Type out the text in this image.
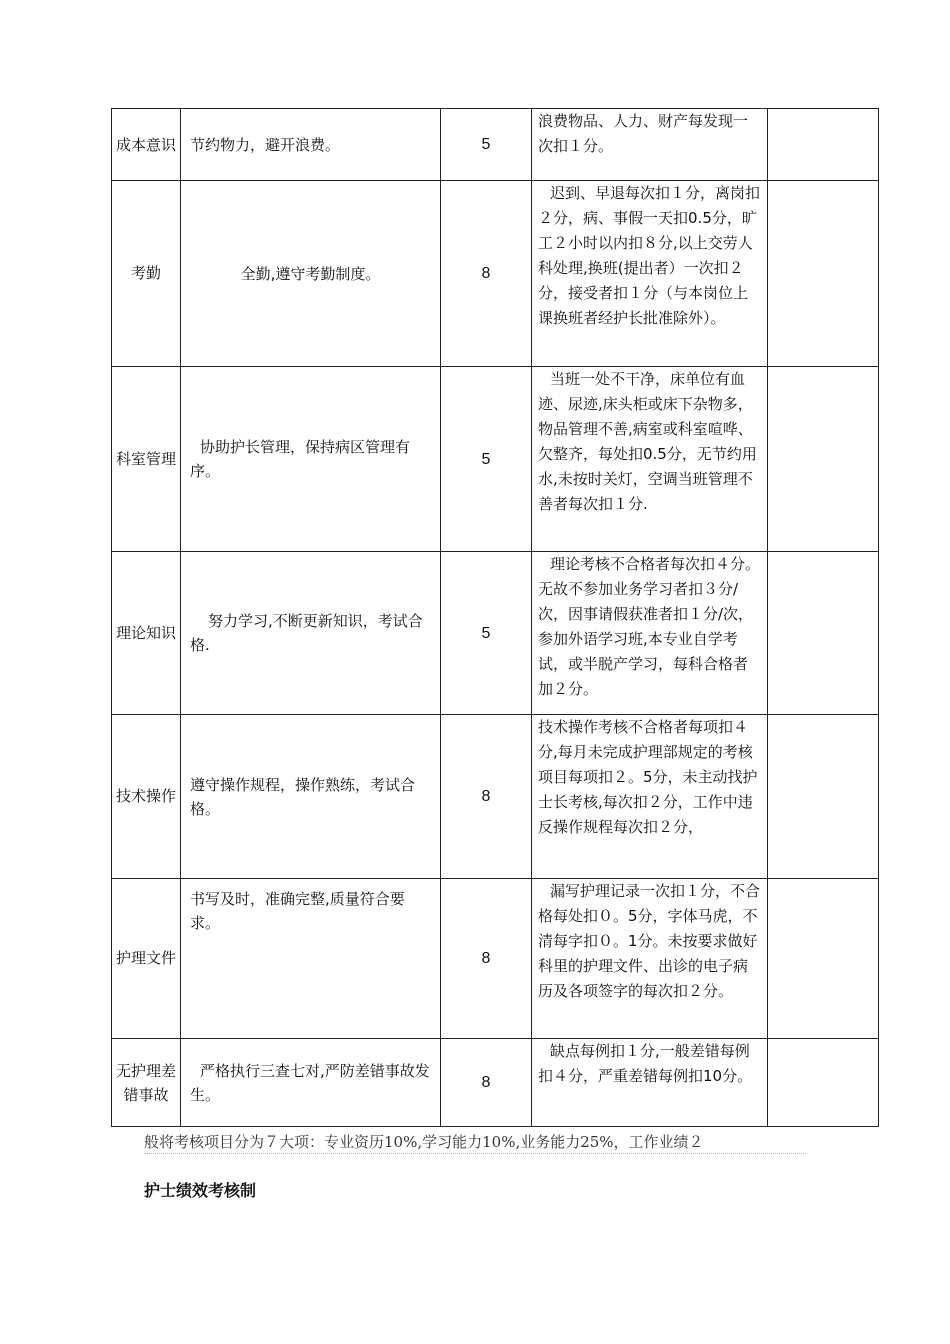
成本意识	节约物力，避开浪费。	5	浪费物品、人力、财产每发现一次扣１分。	
考勤	全勤,遵守考勤制度。	8	迟到、早退每次扣１分，离岗扣２分，病、事假一天扣0.5分，旷工２小时以内扣８分,以上交劳人科处理,换班(提出者）一次扣２分，接受者扣１分（与本岗位上课换班者经护长批准除外）。	
科室管理	协助护长管理，保持病区管理有序。	5	当班一处不干净，床单位有血迹、尿迹,床头柜或床下杂物多，物品管理不善,病室或科室喧哗、欠整齐，每处扣0.5分，无节约用水,未按时关灯，空调当班管理不善者每次扣１分.	
理论知识	努力学习,不断更新知识，考试合格.	5	理论考核不合格者每次扣４分。无故不参加业务学习者扣３分/次，因事请假获准者扣１分/次，参加外语学习班,本专业自学考试，或半脱产学习，每科合格者加２分。	
技术操作	遵守操作规程，操作熟练，考试合格。	8	技术操作考核不合格者每项扣４分,每月未完成护理部规定的考核项目每项扣２。5分，未主动找护士长考核,每次扣２分，工作中违反操作规程每次扣２分，	
护理文件	书写及时，准确完整,质量符合要求。	8	漏写护理记录一次扣１分，不合格每处扣０。5分，字体马虎，不清每字扣０。1分。未按要求做好科里的护理文件、出诊的电子病历及各项签字的每次扣２分。	
无护理差错事故	严格执行三查七对,严防差错事故发生。	8	缺点每例扣１分,一般差错每例扣４分，严重差错每例扣10分。	
般将考核项目分为７大项：专业资历10%,学习能力10%,业务能力25%，工作业绩２
护士绩效考核制
